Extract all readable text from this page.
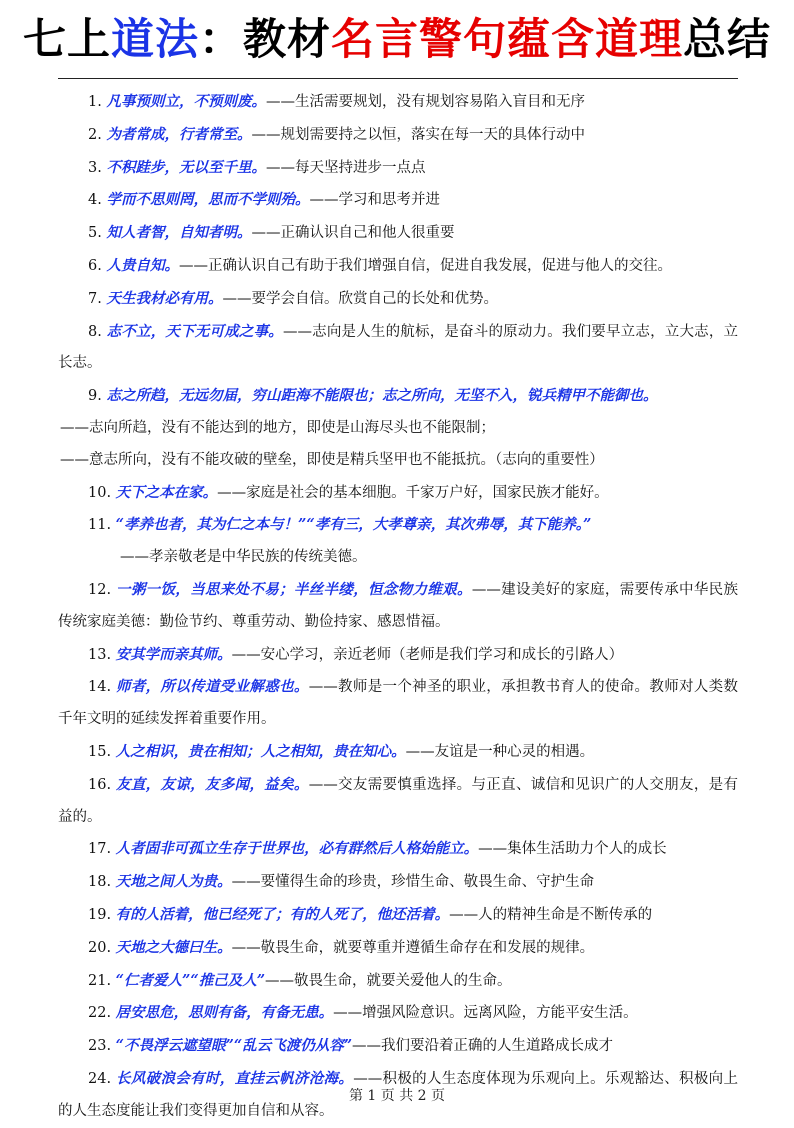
七上道法：教材名言警句蕴含道理总结

1. 凡事预则立，不预则废。——生活需要规划，没有规划容易陷入盲目和无序

2. 为者常成，行者常至。——规划需要持之以恒，落实在每一天的具体行动中

3. 不积跬步，无以至千里。——每天坚持进步一点点

4. 学而不思则罔，思而不学则殆。——学习和思考并进

5. 知人者智，自知者明。——正确认识自己和他人很重要

6. 人贵自知。——正确认识自己有助于我们增强自信，促进自我发展，促进与他人的交往。

7. 天生我材必有用。——要学会自信。欣赏自己的长处和优势。

8. 志不立，天下无可成之事。——志向是人生的航标，是奋斗的原动力。我们要早立志，立大志，立长志。

9. 志之所趋，无远勿届，穷山距海不能限也；志之所向，无坚不入，锐兵精甲不能御也。

——志向所趋，没有不能达到的地方，即使是山海尽头也不能限制；

——意志所向，没有不能攻破的壁垒，即使是精兵坚甲也不能抵抗。（志向的重要性）

10. 天下之本在家。——家庭是社会的基本细胞。千家万户好，国家民族才能好。

11. “孝养也者，其为仁之本与！”“孝有三，大孝尊亲，其次弗辱，其下能养。”

——孝亲敬老是中华民族的传统美德。

12. 一粥一饭，当思来处不易；半丝半缕，恒念物力维艰。——建设美好的家庭，需要传承中华民族传统家庭美德：勤俭节约、尊重劳动、勤俭持家、感恩惜福。

13. 安其学而亲其师。——安心学习，亲近老师（老师是我们学习和成长的引路人）

14. 师者，所以传道受业解惑也。——教师是一个神圣的职业，承担教书育人的使命。教师对人类数千年文明的延续发挥着重要作用。

15. 人之相识，贵在相知；人之相知，贵在知心。——友谊是一种心灵的相遇。

16. 友直，友谅，友多闻，益矣。——交友需要慎重选择。与正直、诚信和见识广的人交朋友，是有益的。

17. 人者固非可孤立生存于世界也，必有群然后人格始能立。——集体生活助力个人的成长

18. 天地之间人为贵。——要懂得生命的珍贵，珍惜生命、敬畏生命、守护生命

19. 有的人活着，他已经死了；有的人死了，他还活着。——人的精神生命是不断传承的

20. 天地之大德曰生。——敬畏生命，就要尊重并遵循生命存在和发展的规律。

21. “仁者爱人”“推己及人”——敬畏生命，就要关爱他人的生命。

22. 居安思危，思则有备，有备无患。——增强风险意识。远离风险，方能平安生活。

23. “不畏浮云遮望眼”“乱云飞渡仍从容”——我们要沿着正确的人生道路成长成才

24. 长风破浪会有时，直挂云帆济沧海。——积极的人生态度体现为乐观向上。乐观豁达、积极向上的人生态度能让我们变得更加自信和从容。

第 1 页 共 2 页
